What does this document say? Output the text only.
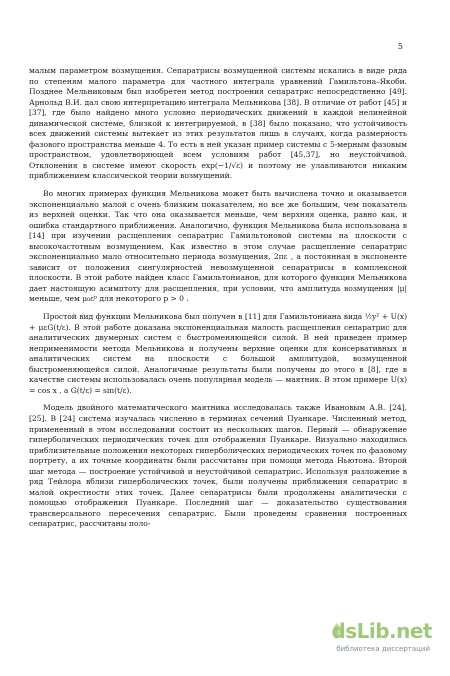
5

малым параметром возмущения. Сепаратрисы возмущенной системы искались в виде ряда по степеням малого параметра для частного интеграла уравнений Гамильтона–Якоби. Позднее Мельниковым был изобретен метод построения сепаратрис непосредственно [49]. Арнольд В.И. дал свою интерпретацию интеграла Мельникова [38]. В отличие от работ [45] и [37], где было найдено много условно периодических движений в каждой нелинейной динамической системе, близкой к интегрируемой, в [38] было показано, что устойчивость всех движений системы вытекает из этих результатов лишь в случаях, когда размерность фазового пространства меньше 4. То есть в ней указан пример системы с 5-мерным фазовым пространством, удовлетворяющей всем условиям работ [45,37], но неустойчивой. Отклонения в системе имеют скорость exp(−1/√ε) и поэтому не улавливаются никаким приближением классической теории возмущений.

Во многих примерах функция Мельникова может быть вычислена точно и оказывается экспоненциально малой с очень близким показателем, но все же большим, чем показатель из верхней оценки. Так что она оказывается меньше, чем верхняя оценка, равно как, и ошибка стандартного приближения. Аналогично, функция Мельникова была использована в [14] при изучении расщепления сепаратрис Гамильтоновой системы на плоскости с высокочастотным возмущением. Как известно в этом случае расщепление сепаратрис экспоненциально мало относительно периода возмущения, 2πε , а постоянная в экспоненте зависит от положения сингулярностей невозмущенной сепаратрисы в комплексной плоскости. В этой работе найден класс Гамильтонианов, для которого функция Мельникова дает настоящую асимптоту для расщепления, при условии, что амплитуда возмущения |μ| меньше, чем μ₀εᵖ для некоторого p > 0 .

Простой вид функции Мельникова был получен в [11] для Гамильтониана вида ½y² + U(x) + μεG(t/ε). В этой работе доказана экспоненциальная малость расщепления сепаратрис для аналитических двумерных систем с быстроменяющейся силой. В ней приведен пример неприменимости метода Мельникова и получены верхние оценки для консервативных и аналитических систем на плоскости с большой амплитудой, возмущенной быстроменяющейся силой. Аналогичные результаты были получены до этого в [8], где в качестве системы использовалась очень популярная модель — маятник. В этом примере U(x) = cos x , а G(t/ε) = sin(t/ε).

Модель двойного математического маятника исследовалась также Ивановым А.В. [24], [25]. В [24] система изучалась численно в терминах сечений Пуанкаре. Численный метод, примененный в этом исследовании состоит из нескольких шагов. Первый — обнаружение гиперболических периодических точек для отображения Пуанкаре. Визуально находились приблизительные положения некоторых гиперболических периодических точек по фазовому портрету, а их точные координаты были рассчитаны при помощи метода Ньютона. Второй шаг метода — построение устойчивой и неустойчивой сепаратрис. Используя разложение в ряд Тейлора вблизи гиперболических точек, были получены приближения сепаратрис в малой окрестности этих точек. Далее сепаратрисы были продолжены аналитически с помощью отображения Пуанкаре. Последний шаг — доказательство существования трансверсального пересечения сепаратрис. Были проведены сравнения построенных сепаратрис, рассчитаны поло-

dsLib.net
библиотека диссертаций
